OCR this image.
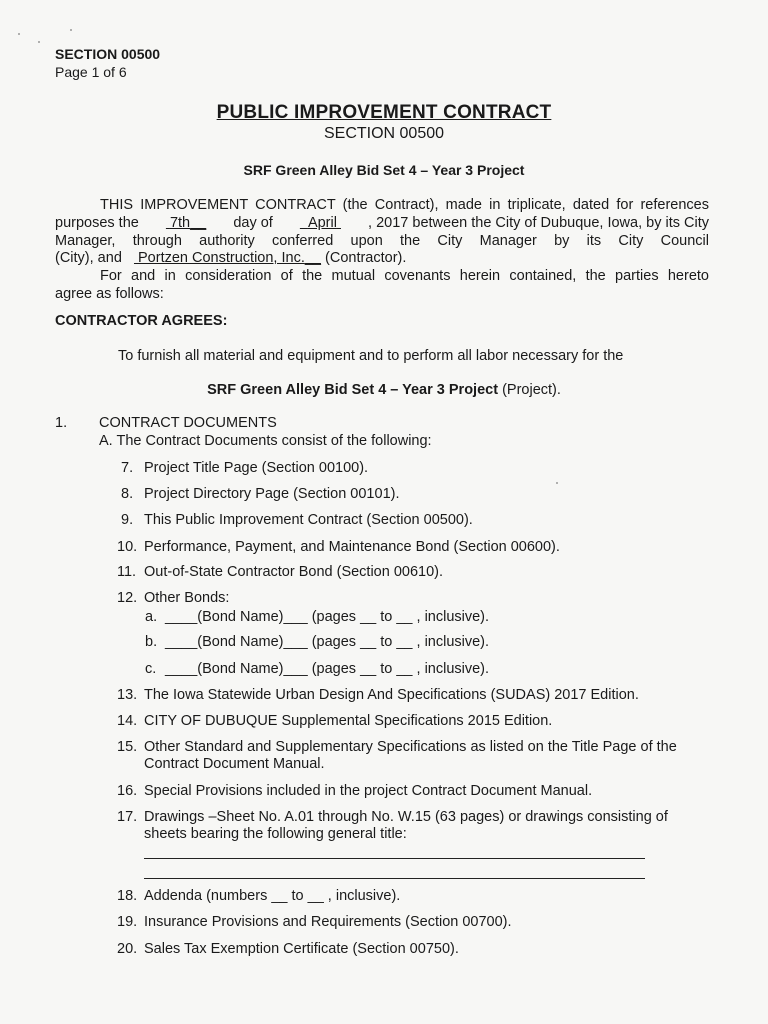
SECTION 00500
Page 1 of 6
PUBLIC IMPROVEMENT CONTRACT
SECTION 00500
SRF Green Alley Bid Set 4 – Year 3 Project
THIS IMPROVEMENT CONTRACT (the Contract), made in triplicate, dated for references
purposes the 7th__ day of	April , 2017 between the City of Dubuque, Iowa, by its City
Manager, through authority conferred upon the City Manager by its City Council
(City), and Portzen Construction, Inc.__ (Contractor).
For and in consideration of the mutual covenants herein contained, the parties hereto
agree as follows:
CONTRACTOR AGREES:
To furnish all material and equipment and to perform all labor necessary for the
SRF Green Alley Bid Set 4 – Year 3 Project (Project).
1. CONTRACT DOCUMENTS
A. The Contract Documents consist of the following:
7. Project Title Page (Section 00100).
8. Project Directory Page (Section 00101).
9. This Public Improvement Contract (Section 00500).
10. Performance, Payment, and Maintenance Bond (Section 00600).
11. Out-of-State Contractor Bond (Section 00610).
12. Other Bonds:
a. ____(Bond Name)___ (pages __ to __ , inclusive).
b. ____(Bond Name)___ (pages __ to __ , inclusive).
c. ____(Bond Name)___ (pages __ to __ , inclusive).
13. The Iowa Statewide Urban Design And Specifications (SUDAS) 2017 Edition.
14. CITY OF DUBUQUE Supplemental Specifications 2015 Edition.
15. Other Standard and Supplementary Specifications as listed on the Title Page of the
Contract Document Manual.
16. Special Provisions included in the project Contract Document Manual.
17. Drawings –Sheet No. A.01 through No. W.15 (63 pages) or drawings consisting of
sheets bearing the following general title:
18. Addenda (numbers __ to __ , inclusive).
19. Insurance Provisions and Requirements (Section 00700).
20. Sales Tax Exemption Certificate (Section 00750).
